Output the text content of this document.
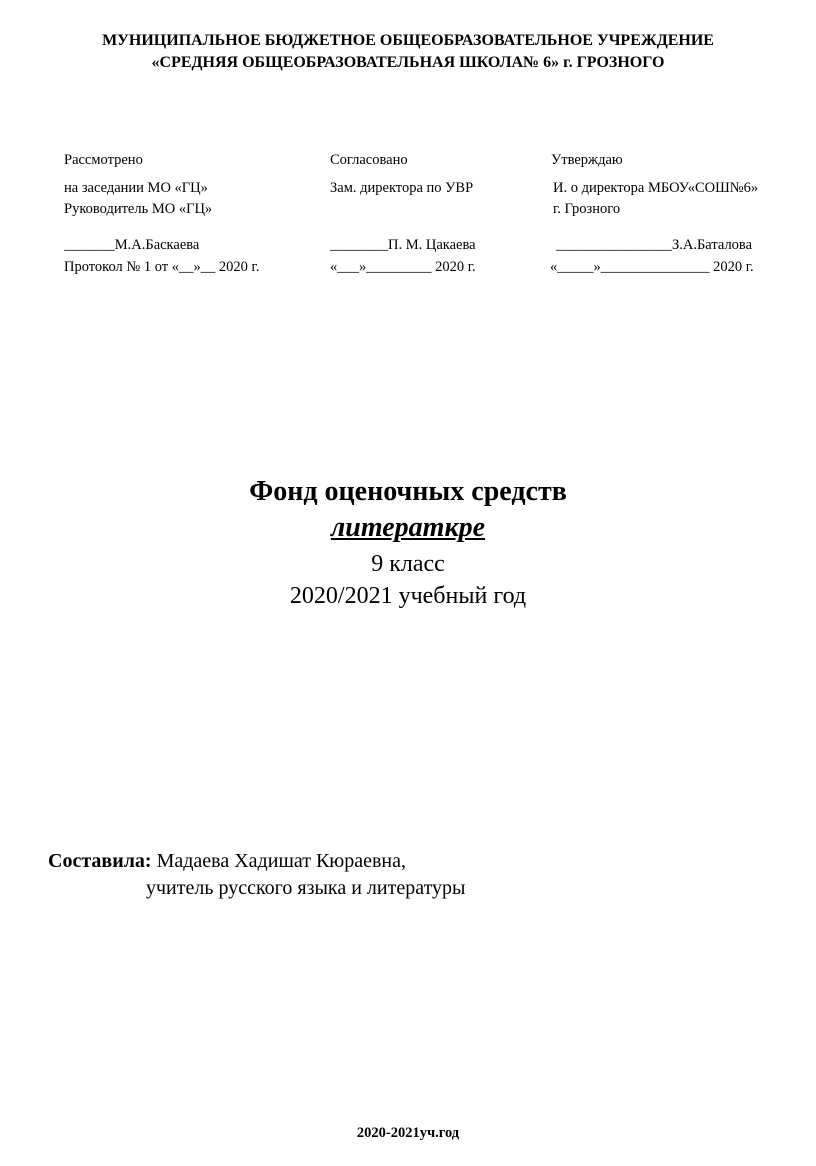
МУНИЦИПАЛЬНОЕ БЮДЖЕТНОЕ ОБЩЕОБРАЗОВАТЕЛЬНОЕ УЧРЕЖДЕНИЕ
«СРЕДНЯЯ ОБЩЕОБРАЗОВАТЕЛЬНАЯ ШКОЛА№ 6» г. ГРОЗНОГО
Рассмотрено
на заседании МО «ГЦ»
Руководитель МО «ГЦ»
_______М.А.Баскаева
Протокол № 1 от «__»__ 2020 г.
Согласовано
Зам. директора по УВР
________П. М. Цакаева
«___»_________ 2020 г.
Утверждаю
И. о директора МБОУ«СОШ№6»
г. Грозного
________________З.А.Баталова
«_____»_______________ 2020 г.
Фонд оценочных средств
литераткре
9 класс
2020/2021 учебный год
Составила: Мадаева Хадишат Кюраевна,
учитель русского языка и литературы
2020-2021уч.год
